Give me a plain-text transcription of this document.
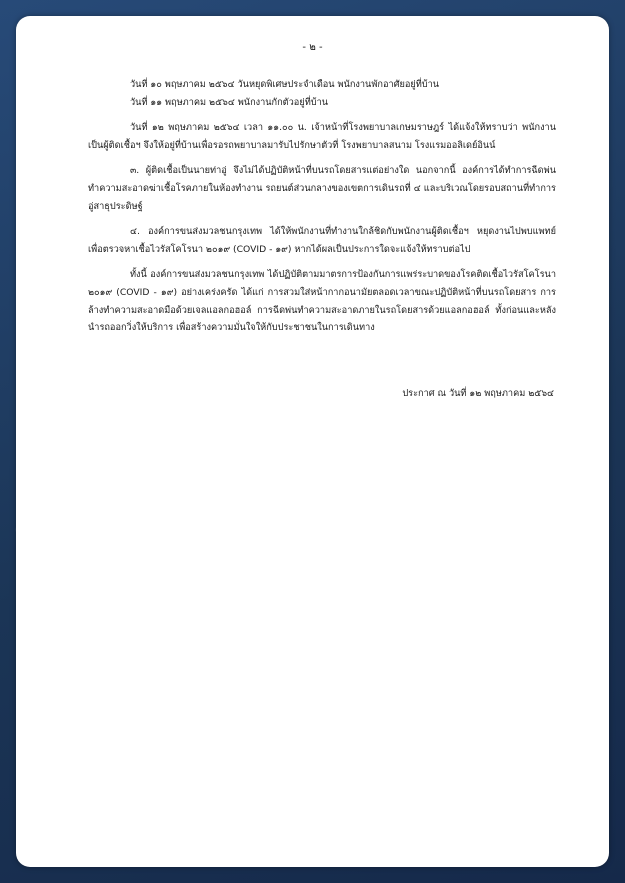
- ๒ -

วันที่ ๑๐ พฤษภาคม ๒๕๖๔ วันหยุดพิเศษประจำเดือน พนักงานพักอาศัยอยู่ที่บ้าน

วันที่ ๑๑ พฤษภาคม ๒๕๖๔ พนักงานกักตัวอยู่ที่บ้าน

วันที่ ๑๒ พฤษภาคม ๒๕๖๔ เวลา ๑๑.๐๐ น. เจ้าหน้าที่โรงพยาบาลเกษมราษฎร์ ได้แจ้งให้ทราบว่า พนักงานเป็นผู้ติดเชื้อฯ จึงให้อยู่ที่บ้านเพื่อรอรถพยาบาลมารับไปรักษาตัวที่ โรงพยาบาลสนาม โรงแรมออลิเดย์อินน์

๓. ผู้ติดเชื้อเป็นนายท่าอู่ จึงไม่ได้ปฏิบัติหน้าที่บนรถโดยสารแต่อย่างใด นอกจากนี้ องค์การได้ทำการฉีดพ่นทำความสะอาดฆ่าเชื้อโรคภายในห้องทำงาน รถยนต์ส่วนกลางของเขตการเดินรถที่ ๔ และบริเวณโดยรอบสถานที่ทำการ อู่สาธุประดิษฐ์

๔. องค์การขนส่งมวลชนกรุงเทพ ได้ให้พนักงานที่ทำงานใกล้ชิดกับพนักงานผู้ติดเชื้อฯ หยุดงานไปพบแพทย์ เพื่อตรวจหาเชื้อไวรัสโคโรนา ๒๐๑๙ (COVID - ๑๙) หากได้ผลเป็นประการใดจะแจ้งให้ทราบต่อไป

ทั้งนี้ องค์การขนส่งมวลชนกรุงเทพ ได้ปฏิบัติตามมาตรการป้องกันการแพร่ระบาดของโรคติดเชื้อไวรัสโคโรนา ๒๐๑๙ (COVID - ๑๙) อย่างเคร่งครัด ได้แก่ การสวมใส่หน้ากากอนามัยตลอดเวลาขณะปฏิบัติหน้าที่บนรถโดยสาร การล้างทำความสะอาดมือด้วยเจลแอลกอฮอล์ การฉีดพ่นทำความสะอาดภายในรถโดยสารด้วยแอลกอฮอล์ ทั้งก่อนและหลังนำรถออกวิ่งให้บริการ เพื่อสร้างความมั่นใจให้กับประชาชนในการเดินทาง

ประกาศ ณ วันที่ ๑๒ พฤษภาคม ๒๕๖๔
